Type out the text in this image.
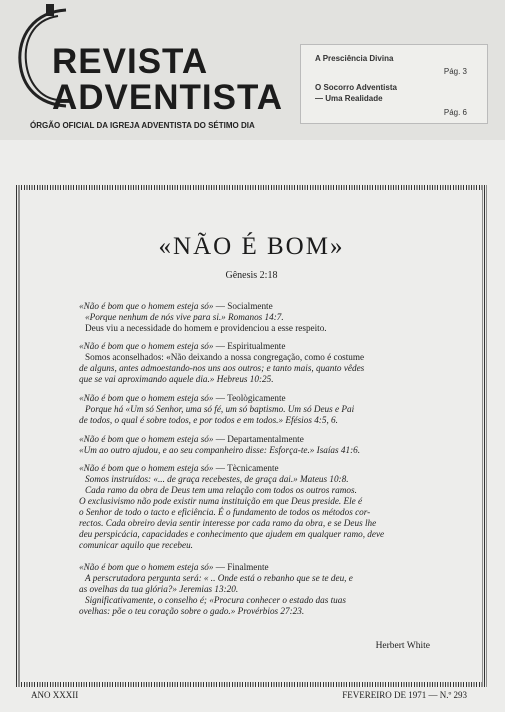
REVISTA
ADVENTISTA
ÓRGÃO OFICIAL DA IGREJA ADVENTISTA DO SÉTIMO DIA
A Presciência Divina
Pág. 3
O Socorro Adventista
— Uma Realidade
Pág. 6
«NÃO É BOM»
Gênesis 2:18
«Não é bom que o homem esteja só» — Socialmente
«Porque nenhum de nós vive para si.» Romanos 14:7.
Deus viu a necessidade do homem e providenciou a esse respeito.
«Não é bom que o homem esteja só» — Espiritualmente
Somos aconselhados: «Não deixando a nossa congregação, como é costume
de alguns, antes admoestando-nos uns aos outros; e tanto mais, quanto vêdes
que se vai aproximando aquele dia.» Hebreus 10:25.
«Não é bom que o homem esteja só» — Teològicamente
Porque há «Um só Senhor, uma só fé, um só baptismo. Um só Deus e Pai
de todos, o qual é sobre todos, e por todos e em todos.» Efésios 4:5, 6.
«Não é bom que o homem esteja só» — Departamentalmente
«Um ao outro ajudou, e ao seu companheiro disse: Esforça-te.» Isaías 41:6.
«Não é bom que o homem esteja só» — Tècnicamente
Somos instruídos: «... de graça recebestes, de graça dai.» Mateus 10:8.
Cada ramo da obra de Deus tem uma relação com todos os outros ramos.
O exclusivismo não pode existir numa instituição em que Deus preside. Ele é
o Senhor de todo o tacto e eficiência. É o fundamento de todos os métodos cor-
rectos. Cada obreiro devia sentir interesse por cada ramo da obra, e se Deus lhe
deu perspicácia, capacidades e conhecimento que ajudem em qualquer ramo, deve
comunicar aquilo que recebeu.
«Não é bom que o homem esteja só» — Finalmente
A perscrutadora pergunta será: « .. Onde está o rebanho que se te deu, e
as ovelhas da tua glória?» Jeremias 13:20.
Significativamente, o conselho é; «Procura conhecer o estado das tuas
ovelhas: põe o teu coração sobre o gado.» Provérbios 27:23.
Herbert White
ANO XXXII	FEVEREIRO DE 1971 — N.º 293
